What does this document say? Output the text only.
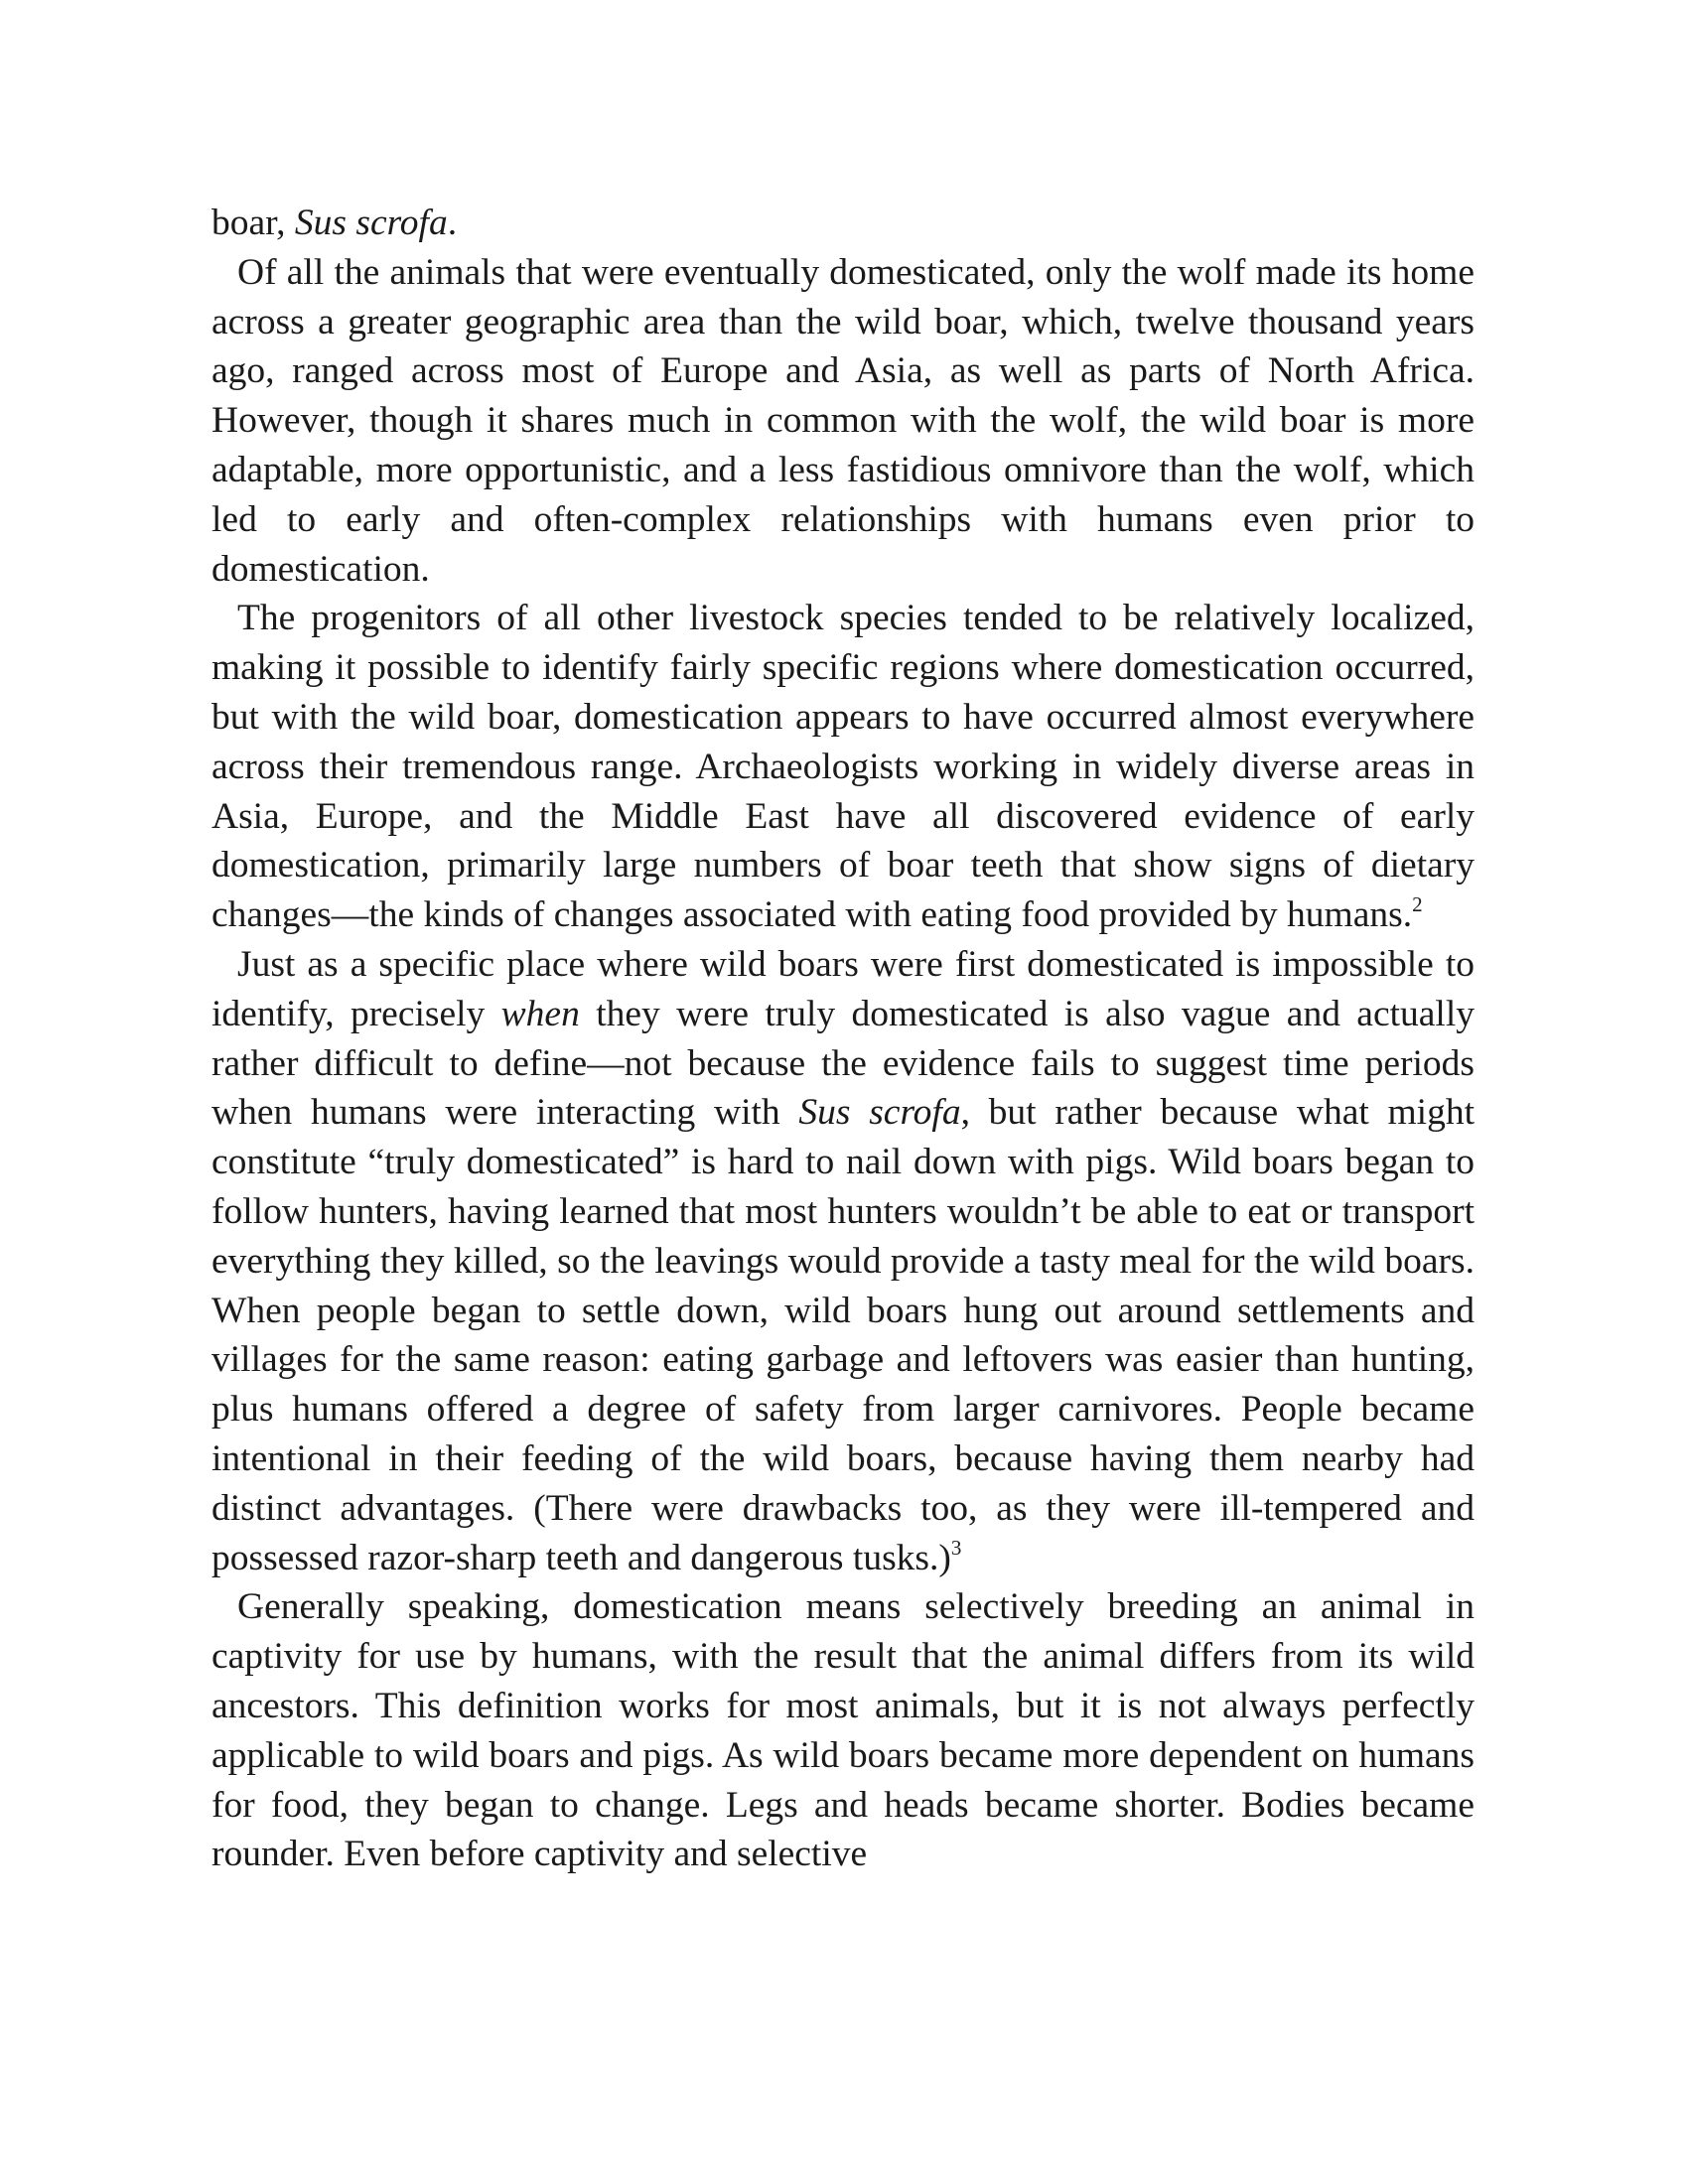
boar, Sus scrofa.

Of all the animals that were eventually domesticated, only the wolf made its home across a greater geographic area than the wild boar, which, twelve thousand years ago, ranged across most of Europe and Asia, as well as parts of North Africa. However, though it shares much in common with the wolf, the wild boar is more adaptable, more opportunistic, and a less fastidious omnivore than the wolf, which led to early and often-complex relationships with humans even prior to domestication.

The progenitors of all other livestock species tended to be relatively localized, making it possible to identify fairly specific regions where domestication occurred, but with the wild boar, domestication appears to have occurred almost everywhere across their tremendous range. Archaeologists working in widely diverse areas in Asia, Europe, and the Middle East have all discovered evidence of early domestication, primarily large numbers of boar teeth that show signs of dietary changes—the kinds of changes associated with eating food provided by humans.$^2$

Just as a specific place where wild boars were first domesticated is impossible to identify, precisely when they were truly domesticated is also vague and actually rather difficult to define—not because the evidence fails to suggest time periods when humans were interacting with Sus scrofa, but rather because what might constitute “truly domesticated” is hard to nail down with pigs. Wild boars began to follow hunters, having learned that most hunters wouldn’t be able to eat or transport everything they killed, so the leavings would provide a tasty meal for the wild boars. When people began to settle down, wild boars hung out around settlements and villages for the same reason: eating garbage and leftovers was easier than hunting, plus humans offered a degree of safety from larger carnivores. People became intentional in their feeding of the wild boars, because having them nearby had distinct advantages. (There were drawbacks too, as they were ill-tempered and possessed razor-sharp teeth and dangerous tusks.)$^3$

Generally speaking, domestication means selectively breeding an animal in captivity for use by humans, with the result that the animal differs from its wild ancestors. This definition works for most animals, but it is not always perfectly applicable to wild boars and pigs. As wild boars became more dependent on humans for food, they began to change. Legs and heads became shorter. Bodies became rounder. Even before captivity and selective
